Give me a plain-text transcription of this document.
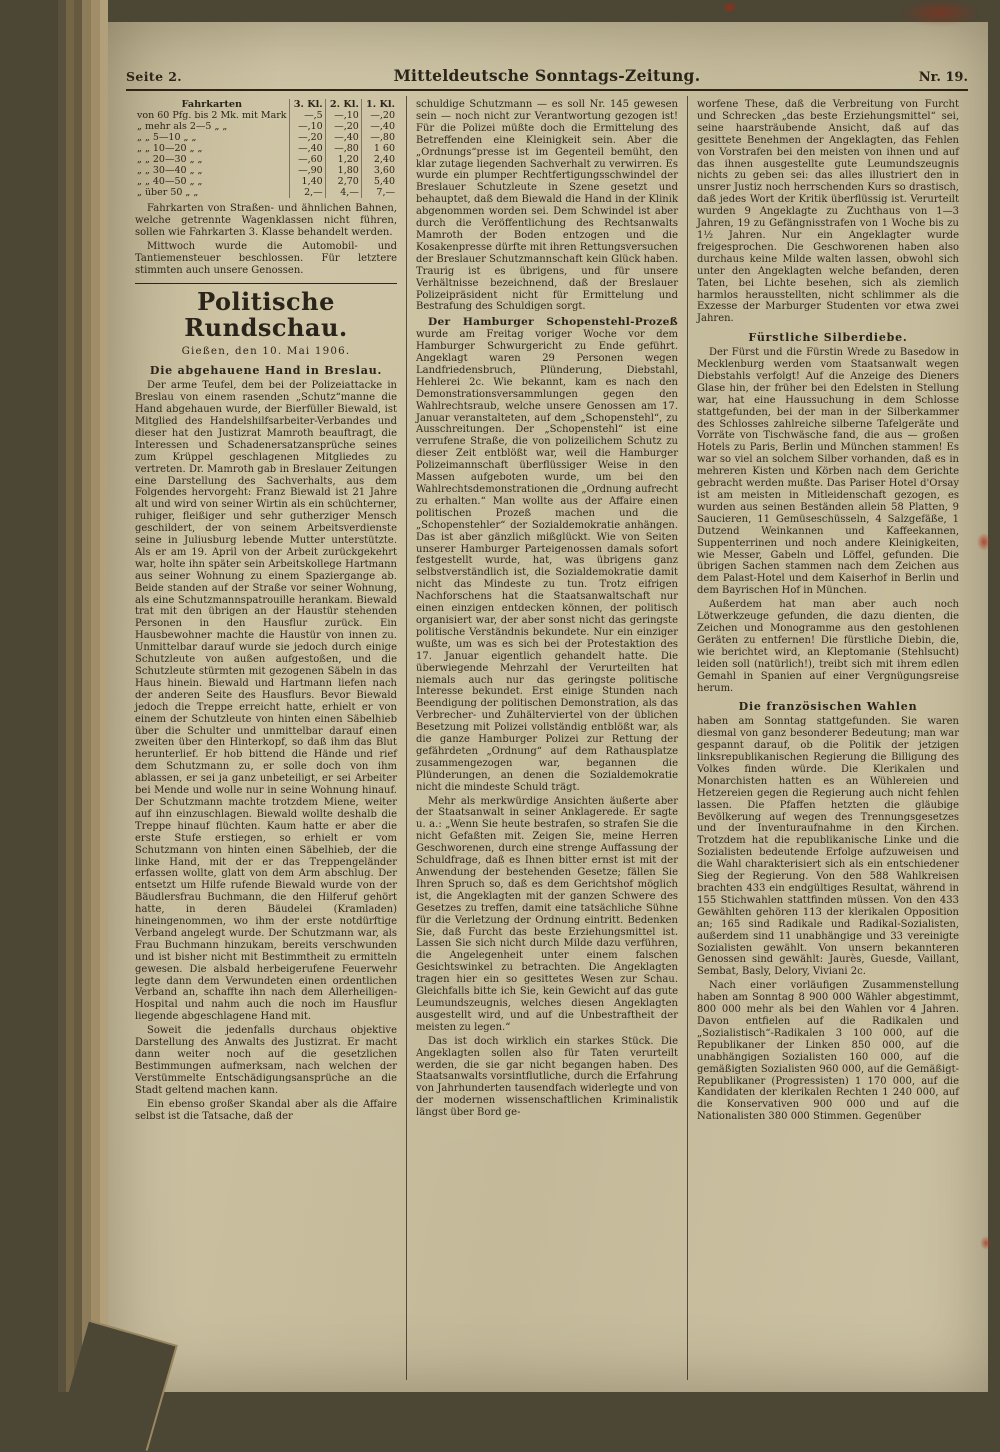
Seite 2.	Mitteldeutsche Sonntags-Zeitung.	Nr. 19.
Fahrkarten	3. Kl.	2. Kl.	1. Kl.
von 60 Pfg. bis 2 Mk. mit Mark	—,5	—,10	—,20
„ mehr als 2—5 „ „	—,10	—,20	—,40
„ „ 5—10 „ „	—,20	—,40	—,80
„ „ 10—20 „ „	—,40	—,80	1 60
„ „ 20—30 „ „	—,60	1,20	2,40
„ „ 30—40 „ „	—,90	1,80	3,60
„ „ 40—50 „ „	1,40	2,70	5,40
„ über 50 „ „	2,—	4,—	7,—

Fahrkarten von Straßen- und ähnlichen Bahnen, welche getrennte Wagenklassen nicht führen, sollen wie Fahrkarten 3. Klasse behandelt werden.

Mittwoch wurde die Automobil- und Tantiemensteuer beschlossen. Für letztere stimmten auch unsere Genossen.

Politische Rundschau.
Gießen, den 10. Mai 1906.
Die abgehauene Hand in Breslau.

Der arme Teufel, dem bei der Polizeiattacke in Breslau von einem rasenden „Schutz“manne die Hand abgehauen wurde, der Bierfüller Biewald, ist Mitglied des Handelshilfsarbeiter-Verbandes und dieser hat den Justizrat Mamroth beauftragt, die Interessen und Schadenersatzansprüche seines zum Krüppel geschlagenen Mitgliedes zu vertreten. Dr. Mamroth gab in Breslauer Zeitungen eine Darstellung des Sachverhalts, aus dem Folgendes hervorgeht: Franz Biewald ist 21 Jahre alt und wird von seiner Wirtin als ein schüchterner, ruhiger, fleißiger und sehr gutherziger Mensch geschildert, der von seinem Arbeitsverdienste seine in Juliusburg lebende Mutter unterstützte. Als er am 19. April von der Arbeit zurückgekehrt war, holte ihn später sein Arbeitskollege Hartmann aus seiner Wohnung zu einem Spaziergange ab. Beide standen auf der Straße vor seiner Wohnung, als eine Schutzmannspatrouille herankam. Biewald trat mit den übrigen an der Haustür stehenden Personen in den Hausflur zurück. Ein Hausbewohner machte die Haustür von innen zu. Unmittelbar darauf wurde sie jedoch durch einige Schutzleute von außen aufgestoßen, und die Schutzleute stürmten mit gezogenen Säbeln in das Haus hinein. Biewald und Hartmann liefen nach der anderen Seite des Hausflurs. Bevor Biewald jedoch die Treppe erreicht hatte, erhielt er von einem der Schutzleute von hinten einen Säbelhieb über die Schulter und unmittelbar darauf einen zweiten über den Hinterkopf, so daß ihm das Blut herunterlief. Er hob bittend die Hände und rief dem Schutzmann zu, er solle doch von ihm ablassen, er sei ja ganz unbeteiligt, er sei Arbeiter bei Mende und wolle nur in seine Wohnung hinauf. Der Schutzmann machte trotzdem Miene, weiter auf ihn einzuschlagen. Biewald wollte deshalb die Treppe hinauf flüchten. Kaum hatte er aber die erste Stufe erstiegen, so erhielt er vom Schutzmann von hinten einen Säbelhieb, der die linke Hand, mit der er das Treppengeländer erfassen wollte, glatt von dem Arm abschlug. Der entsetzt um Hilfe rufende Biewald wurde von der Bäudlersfrau Buchmann, die den Hilferuf gehört hatte, in deren Bäudelei (Kramladen) hineingenommen, wo ihm der erste notdürftige Verband angelegt wurde. Der Schutzmann war, als Frau Buchmann hinzukam, bereits verschwunden und ist bisher nicht mit Bestimmtheit zu ermitteln gewesen. Die alsbald herbeigerufene Feuerwehr legte dann dem Verwundeten einen ordentlichen Verband an, schaffte ihn nach dem Allerheiligen-Hospital und nahm auch die noch im Hausflur liegende abgeschlagene Hand mit.

Soweit die jedenfalls durchaus objektive Darstellung des Anwalts des Justizrat. Er macht dann weiter noch auf die gesetzlichen Bestimmungen aufmerksam, nach welchen der Verstümmelte Entschädigungsansprüche an die Stadt geltend machen kann.

Ein ebenso großer Skandal aber als die Affaire selbst ist die Tatsache, daß der

schuldige Schutzmann — es soll Nr. 145 gewesen sein — noch nicht zur Verantwortung gezogen ist! Für die Polizei müßte doch die Ermittelung des Betreffenden eine Kleinigkeit sein. Aber die „Ordnungs“presse ist im Gegenteil bemüht, den klar zutage liegenden Sachverhalt zu verwirren. Es wurde ein plumper Rechtfertigungsschwindel der Breslauer Schutzleute in Szene gesetzt und behauptet, daß dem Biewald die Hand in der Klinik abgenommen worden sei. Dem Schwindel ist aber durch die Veröffentlichung des Rechtsanwalts Mamroth der Boden entzogen und die Kosakenpresse dürfte mit ihren Rettungsversuchen der Breslauer Schutzmannschaft kein Glück haben. Traurig ist es übrigens, und für unsere Verhältnisse bezeichnend, daß der Breslauer Polizeipräsident nicht für Ermittelung und Bestrafung des Schuldigen sorgt.

Der Hamburger Schopenstehl-Prozeß wurde am Freitag voriger Woche vor dem Hamburger Schwurgericht zu Ende geführt. Angeklagt waren 29 Personen wegen Landfriedensbruch, Plünderung, Diebstahl, Hehlerei 2c. Wie bekannt, kam es nach den Demonstrationsversammlungen gegen den Wahlrechtsraub, welche unsere Genossen am 17. Januar veranstalteten, auf dem „Schopenstehl“, zu Ausschreitungen. Der „Schopenstehl“ ist eine verrufene Straße, die von polizeilichem Schutz zu dieser Zeit entblößt war, weil die Hamburger Polizeimannschaft überflüssiger Weise in den Massen aufgeboten wurde, um bei den Wahlrechtsdemonstrationen die „Ordnung aufrecht zu erhalten.“ Man wollte aus der Affaire einen politischen Prozeß machen und die „Schopenstehler“ der Sozialdemokratie anhängen. Das ist aber gänzlich mißglückt. Wie von Seiten unserer Hamburger Parteigenossen damals sofort festgestellt wurde, hat, was übrigens ganz selbstverständlich ist, die Sozialdemokratie damit nicht das Mindeste zu tun. Trotz eifrigen Nachforschens hat die Staatsanwaltschaft nur einen einzigen entdecken können, der politisch organisiert war, der aber sonst nicht das geringste politische Verständnis bekundete. Nur ein einziger wußte, um was es sich bei der Protestaktion des 17. Januar eigentlich gehandelt hatte. Die überwiegende Mehrzahl der Verurteilten hat niemals auch nur das geringste politische Interesse bekundet. Erst einige Stunden nach Beendigung der politischen Demonstration, als das Verbrecher- und Zuhälterviertel von der üblichen Besetzung mit Polizei vollständig entblößt war, als die ganze Hamburger Polizei zur Rettung der gefährdeten „Ordnung“ auf dem Rathausplatze zusammengezogen war, begannen die Plünderungen, an denen die Sozialdemokratie nicht die mindeste Schuld trägt.

Mehr als merkwürdige Ansichten äußerte aber der Staatsanwalt in seiner Anklagerede. Er sagte u. a.: „Wenn Sie heute bestrafen, so strafen Sie die nicht Gefaßten mit. Zeigen Sie, meine Herren Geschworenen, durch eine strenge Auffassung der Schuldfrage, daß es Ihnen bitter ernst ist mit der Anwendung der bestehenden Gesetze; fällen Sie Ihren Spruch so, daß es dem Gerichtshof möglich ist, die Angeklagten mit der ganzen Schwere des Gesetzes zu treffen, damit eine tatsächliche Sühne für die Verletzung der Ordnung eintritt. Bedenken Sie, daß Furcht das beste Erziehungsmittel ist. Lassen Sie sich nicht durch Milde dazu verführen, die Angelegenheit unter einem falschen Gesichtswinkel zu betrachten. Die Angeklagten tragen hier ein so gesittetes Wesen zur Schau. Gleichfalls bitte ich Sie, kein Gewicht auf das gute Leumundszeugnis, welches diesen Angeklagten ausgestellt wird, und auf die Unbestraftheit der meisten zu legen.“

Das ist doch wirklich ein starkes Stück. Die Angeklagten sollen also für Taten verurteilt werden, die sie gar nicht begangen haben. Des Staatsanwalts vorsintflutliche, durch die Erfahrung von Jahrhunderten tausendfach widerlegte und von der modernen wissenschaftlichen Kriminalistik längst über Bord ge-

worfene These, daß die Verbreitung von Furcht und Schrecken „das beste Erziehungsmittel“ sei, seine haarsträubende Ansicht, daß auf das gesittete Benehmen der Angeklagten, das Fehlen von Vorstrafen bei den meisten von ihnen und auf das ihnen ausgestellte gute Leumundszeugnis nichts zu geben sei: das alles illustriert den in unsrer Justiz noch herrschenden Kurs so drastisch, daß jedes Wort der Kritik überflüssig ist. Verurteilt wurden 9 Angeklagte zu Zuchthaus von 1—3 Jahren, 19 zu Gefängnisstrafen von 1 Woche bis zu 1½ Jahren. Nur ein Angeklagter wurde freigesprochen. Die Geschworenen haben also durchaus keine Milde walten lassen, obwohl sich unter den Angeklagten welche befanden, deren Taten, bei Lichte besehen, sich als ziemlich harmlos herausstellten, nicht schlimmer als die Exzesse der Marburger Studenten vor etwa zwei Jahren.

Fürstliche Silberdiebe.

Der Fürst und die Fürstin Wrede zu Basedow in Mecklenburg werden vom Staatsanwalt wegen Diebstahls verfolgt! Auf die Anzeige des Dieners Glase hin, der früher bei den Edelsten in Stellung war, hat eine Haussuchung in dem Schlosse stattgefunden, bei der man in der Silberkammer des Schlosses zahlreiche silberne Tafelgeräte und Vorräte von Tischwäsche fand, die aus — großen Hotels zu Paris, Berlin und München stammen! Es war so viel an solchem Silber vorhanden, daß es in mehreren Kisten und Körben nach dem Gerichte gebracht werden mußte. Das Pariser Hotel d'Orsay ist am meisten in Mitleidenschaft gezogen, es wurden aus seinen Beständen allein 58 Platten, 9 Saucieren, 11 Gemüseschüsseln, 4 Salzgefäße, 1 Dutzend Weinkannen und Kaffeekannen, Suppenterrinen und noch andere Kleinigkeiten, wie Messer, Gabeln und Löffel, gefunden. Die übrigen Sachen stammen nach dem Zeichen aus dem Palast-Hotel und dem Kaiserhof in Berlin und dem Bayrischen Hof in München.

Außerdem hat man aber auch noch Lötwerkzeuge gefunden, die dazu dienten, die Zeichen und Monogramme aus den gestohlenen Geräten zu entfernen! Die fürstliche Diebin, die, wie berichtet wird, an Kleptomanie (Stehlsucht) leiden soll (natürlich!), treibt sich mit ihrem edlen Gemahl in Spanien auf einer Vergnügungsreise herum.

Die französischen Wahlen

haben am Sonntag stattgefunden. Sie waren diesmal von ganz besonderer Bedeutung; man war gespannt darauf, ob die Politik der jetzigen linksrepublikanischen Regierung die Billigung des Volkes finden würde. Die Klerikalen und Monarchisten hatten es an Wühlereien und Hetzereien gegen die Regierung auch nicht fehlen lassen. Die Pfaffen hetzten die gläubige Bevölkerung auf wegen des Trennungsgesetzes und der Inventuraufnahme in den Kirchen. Trotzdem hat die republikanische Linke und die Sozialisten bedeutende Erfolge aufzuweisen und die Wahl charakterisiert sich als ein entschiedener Sieg der Regierung. Von den 588 Wahlkreisen brachten 433 ein endgültiges Resultat, während in 155 Stichwahlen stattfinden müssen. Von den 433 Gewählten gehören 113 der klerikalen Opposition an; 165 sind Radikale und Radikal-Sozialisten, außerdem sind 11 unabhängige und 33 vereinigte Sozialisten gewählt. Von unsern bekannteren Genossen sind gewählt: Jaurès, Guesde, Vaillant, Sembat, Basly, Delory, Viviani 2c.

Nach einer vorläufigen Zusammenstellung haben am Sonntag 8 900 000 Wähler abgestimmt, 800 000 mehr als bei den Wahlen vor 4 Jahren. Davon entfielen auf die Radikalen und „Sozialistisch“-Radikalen 3 100 000, auf die Republikaner der Linken 850 000, auf die unabhängigen Sozialisten 160 000, auf die gemäßigten Sozialisten 960 000, auf die Gemäßigt-Republikaner (Progressisten) 1 170 000, auf die Kandidaten der klerikalen Rechten 1 240 000, auf die Konservativen 900 000 und auf die Nationalisten 380 000 Stimmen. Gegenüber
